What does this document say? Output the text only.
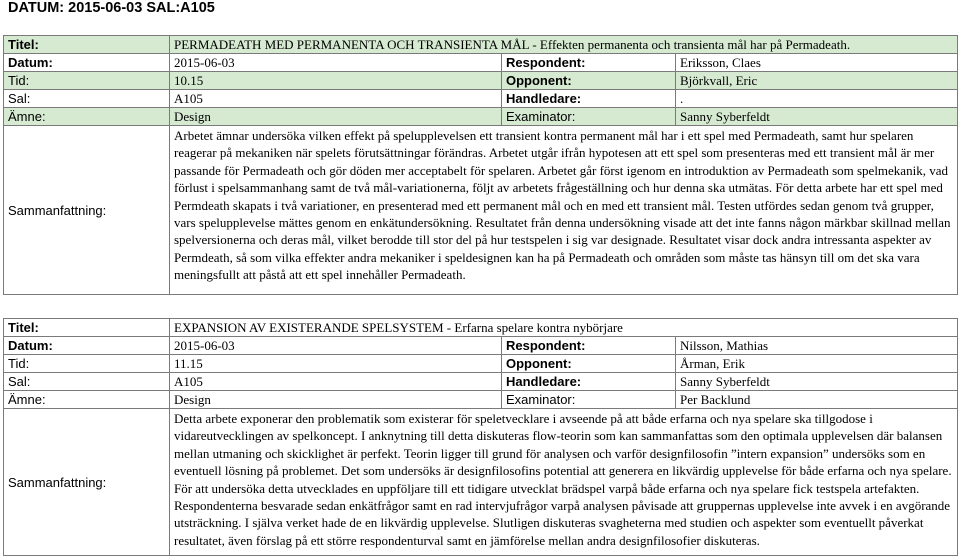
DATUM: 2015-06-03 SAL:A105
Titel:	PERMADEATH MED PERMANENTA OCH TRANSIENTA MÅL - Effekten permanenta och transienta mål har på Permadeath.		
Datum:	2015-06-03	Respondent:	Eriksson, Claes
Tid:	10.15	Opponent:	Björkvall, Eric
Sal:	A105	Handledare:	.
Ämne:	Design	Examinator:	Sanny Syberfeldt
Sammanfattning:	Arbetet ämnar undersöka vilken effekt på spelupplevelsen ett transient kontra permanent mål har i ett spel med Permadeath, samt hur spelaren reagerar på mekaniken när spelets förutsättningar förändras. Arbetet utgår ifrån hypotesen att ett spel som presenteras med ett transient mål är mer passande för Permadeath och gör döden mer acceptabelt för spelaren. Arbetet går först igenom en introduktion av Permadeath som spelmekanik, vad förlust i spelsammanhang samt de två mål-variationerna, följt av arbetets frågeställning och hur denna ska utmätas. För detta arbete har ett spel med Permdeath skapats i två variationer, en presenterad med ett permanent mål och en med ett transient mål. Testen utfördes sedan genom två grupper, vars spelupplevelse mättes genom en enkätundersökning. Resultatet från denna undersökning visade att det inte fanns någon märkbar skillnad mellan spelversionerna och deras mål, vilket berodde till stor del på hur testspelen i sig var designade. Resultatet visar dock andra intressanta aspekter av Permdeath, så som vilka effekter andra mekaniker i speldesignen kan ha på Permadeath och områden som måste tas hänsyn till om det ska vara meningsfullt att påstå att ett spel innehåller Permadeath.		
Titel:	EXPANSION AV EXISTERANDE SPELSYSTEM - Erfarna spelare kontra nybörjare		
Datum:	2015-06-03	Respondent:	Nilsson, Mathias
Tid:	11.15	Opponent:	Årman, Erik
Sal:	A105	Handledare:	Sanny Syberfeldt
Ämne:	Design	Examinator:	Per Backlund
Sammanfattning:	Detta arbete exponerar den problematik som existerar för speletvecklare i avseende på att både erfarna och nya spelare ska tillgodose i vidareutvecklingen av spelkoncept. I anknytning till detta diskuteras flow-teorin som kan sammanfattas som den optimala upplevelsen där balansen mellan utmaning och skicklighet är perfekt. Teorin ligger till grund för analysen och varför designfilosofin ”intern expansion” undersöks som en eventuell lösning på problemet. Det som undersöks är designfilosofins potential att generera en likvärdig upplevelse för både erfarna och nya spelare. För att undersöka detta utvecklades en uppföljare till ett tidigare utvecklat brädspel varpå både erfarna och nya spelare fick testspela artefakten. Respondenterna besvarade sedan enkätfrågor samt en rad intervjufrågor varpå analysen påvisade att gruppernas upplevelse inte avvek i en avgörande utsträckning. I själva verket hade de en likvärdig upplevelse. Slutligen diskuteras svagheterna med studien och aspekter som eventuellt påverkat resultatet, även förslag på ett större respondenturval samt en jämförelse mellan andra designfilosofier diskuteras.		
